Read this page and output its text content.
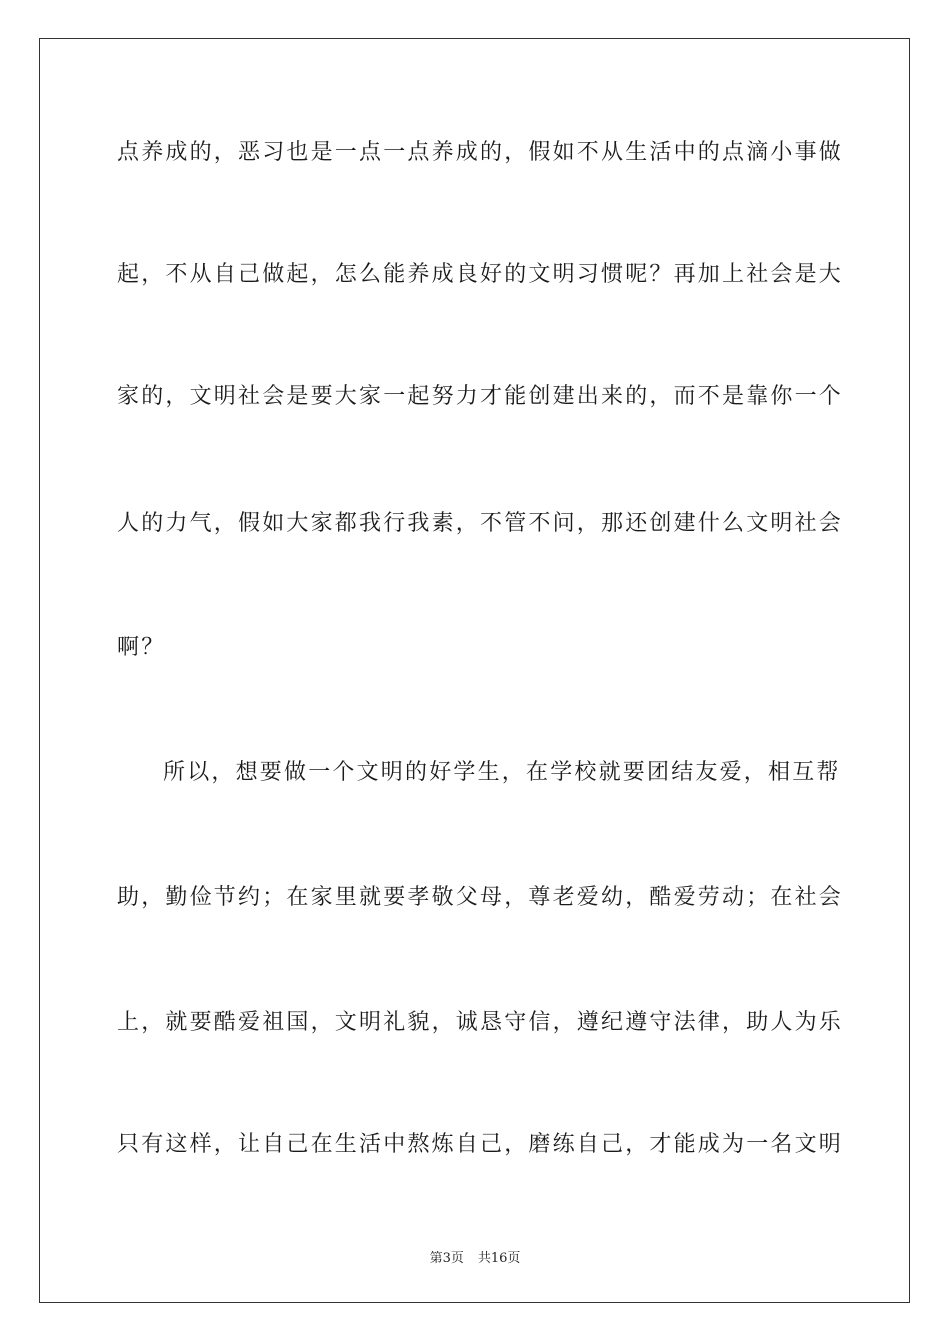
点养成的，恶习也是一点一点养成的，假如不从生活中的点滴小事做
起，不从自己做起，怎么能养成良好的文明习惯呢？再加上社会是大
家的，文明社会是要大家一起努力才能创建出来的，而不是靠你一个
人的力气，假如大家都我行我素，不管不问，那还创建什么文明社会
啊？
所以，想要做一个文明的好学生，在学校就要团结友爱，相互帮
助，勤俭节约；在家里就要孝敬父母，尊老爱幼，酷爱劳动；在社会
上，就要酷爱祖国，文明礼貌，诚恳守信，遵纪遵守法律，助人为乐
只有这样，让自己在生活中熬炼自己，磨练自己，才能成为一名文明
第3页 共16页
